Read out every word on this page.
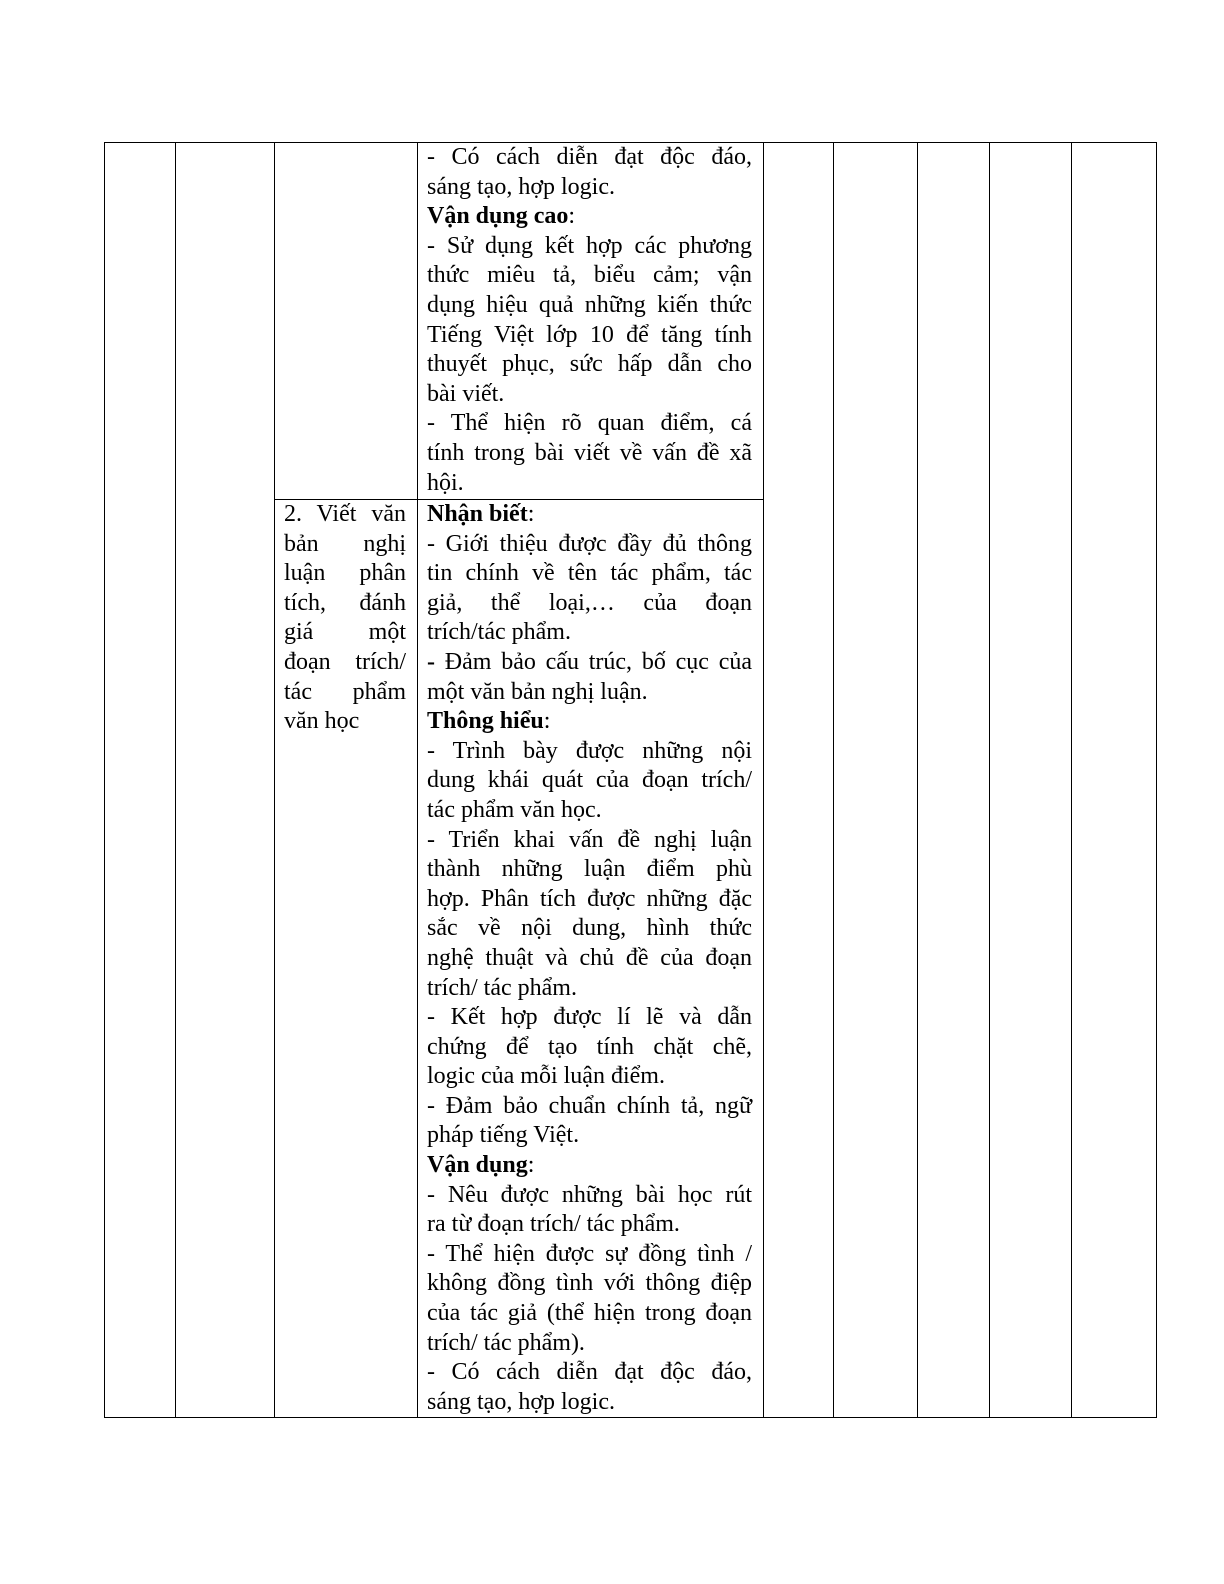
- Có cách diễn đạt độc đáo,
sáng tạo, hợp logic.
Vận dụng cao:
- Sử dụng kết hợp các phương
thức miêu tả, biểu cảm; vận
dụng hiệu quả những kiến thức
Tiếng Việt lớp 10 để tăng tính
thuyết phục, sức hấp dẫn cho
bài viết.
- Thể hiện rõ quan điểm, cá
tính trong bài viết về vấn đề xã
hội.
2. Viết văn
bản nghị
luận phân
tích, đánh
giá một
đoạn trích/
tác phẩm
văn học
Nhận biết:
- Giới thiệu được đầy đủ thông
tin chính về tên tác phẩm, tác
giả, thể loại,… của đoạn
trích/tác phẩm.
- Đảm bảo cấu trúc, bố cục của
một văn bản nghị luận.
Thông hiểu:
- Trình bày được những nội
dung khái quát của đoạn trích/
tác phẩm văn học.
- Triển khai vấn đề nghị luận
thành những luận điểm phù
hợp. Phân tích được những đặc
sắc về nội dung, hình thức
nghệ thuật và chủ đề của đoạn
trích/ tác phẩm.
- Kết hợp được lí lẽ và dẫn
chứng để tạo tính chặt chẽ,
logic của mỗi luận điểm.
- Đảm bảo chuẩn chính tả, ngữ
pháp tiếng Việt.
Vận dụng:
- Nêu được những bài học rút
ra từ đoạn trích/ tác phẩm.
- Thể hiện được sự đồng tình /
không đồng tình với thông điệp
của tác giả (thể hiện trong đoạn
trích/ tác phẩm).
- Có cách diễn đạt độc đáo,
sáng tạo, hợp logic.
